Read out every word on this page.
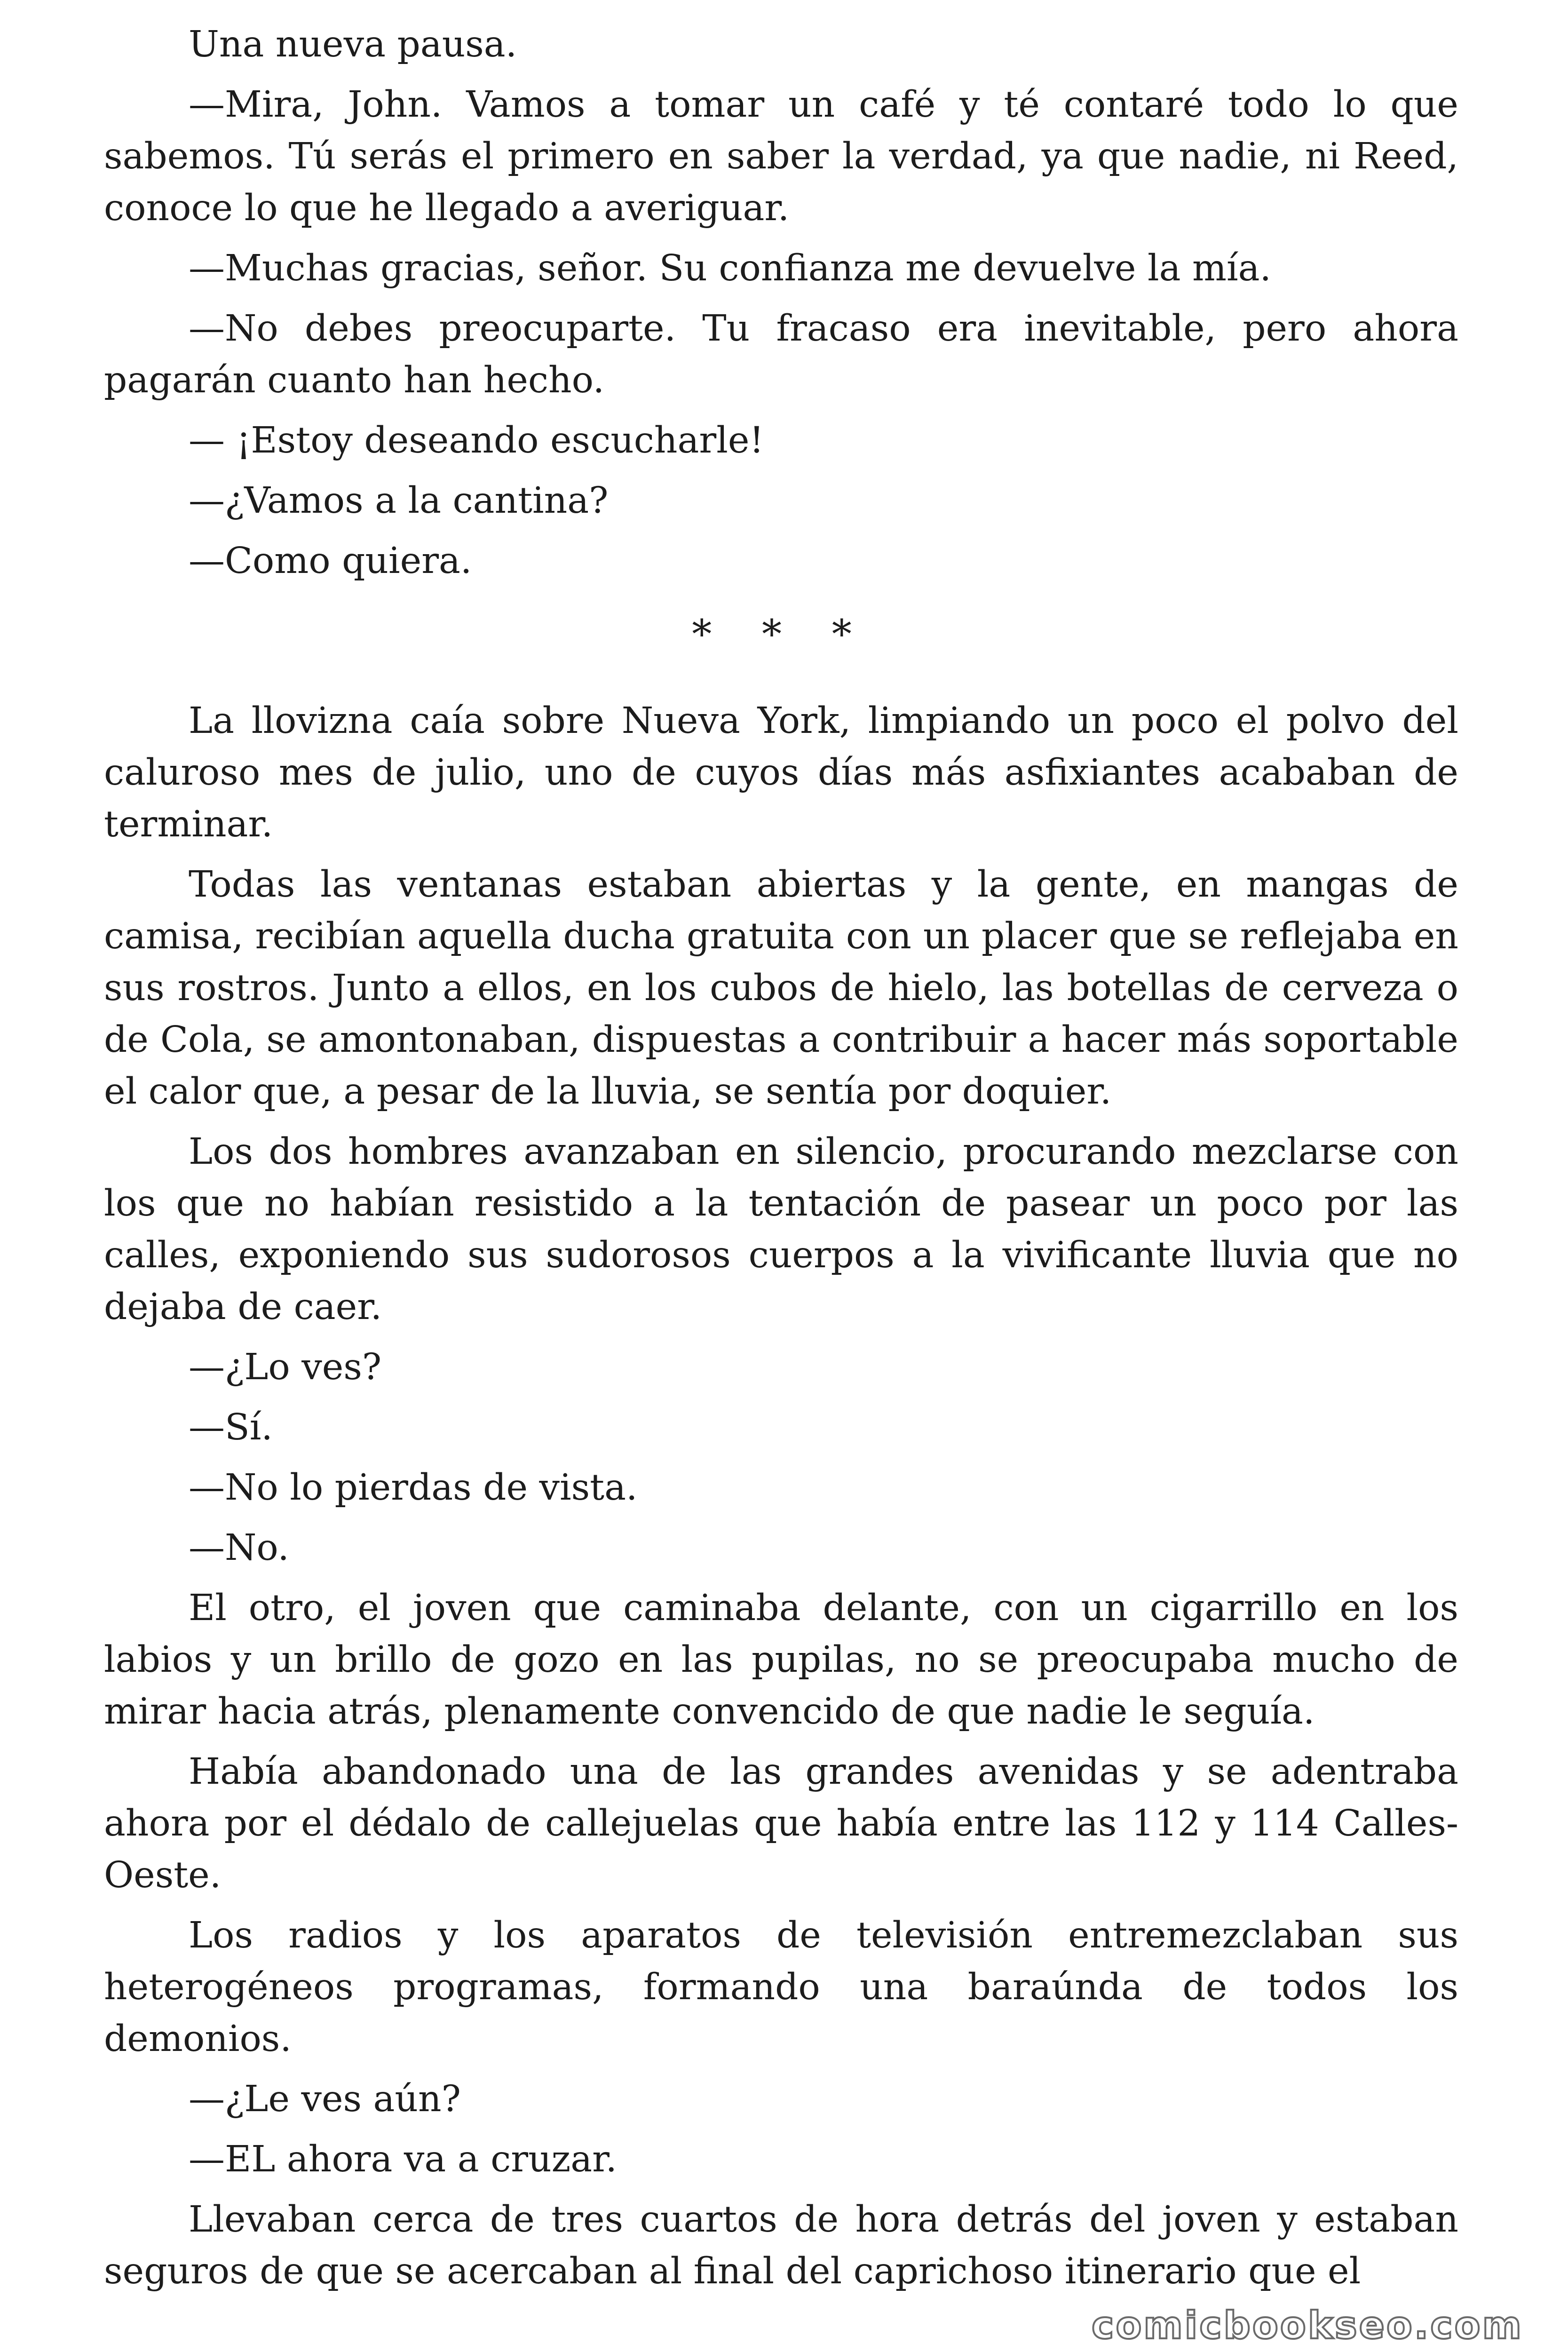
Una nueva pausa.

—Mira, John. Vamos a tomar un café y té contaré todo lo que sabemos. Tú serás el primero en saber la verdad, ya que nadie, ni Reed, conoce lo que he llegado a averiguar.

—Muchas gracias, señor. Su confianza me devuelve la mía.

—No debes preocuparte. Tu fracaso era inevitable, pero ahora pagarán cuanto han hecho.

— ¡Estoy deseando escucharle!

—¿Vamos a la cantina?

—Como quiera.

* * *

La llovizna caía sobre Nueva York, limpiando un poco el polvo del caluroso mes de julio, uno de cuyos días más asfixiantes acababan de terminar.

Todas las ventanas estaban abiertas y la gente, en mangas de camisa, recibían aquella ducha gratuita con un placer que se reflejaba en sus rostros. Junto a ellos, en los cubos de hielo, las botellas de cerveza o de Cola, se amontonaban, dispuestas a contribuir a hacer más soportable el calor que, a pesar de la lluvia, se sentía por doquier.

Los dos hombres avanzaban en silencio, procurando mezclarse con los que no habían resistido a la tentación de pasear un poco por las calles, exponiendo sus sudorosos cuerpos a la vivificante lluvia que no dejaba de caer.

—¿Lo ves?

—Sí.

—No lo pierdas de vista.

—No.

El otro, el joven que caminaba delante, con un cigarrillo en los labios y un brillo de gozo en las pupilas, no se preocupaba mucho de mirar hacia atrás, plenamente convencido de que nadie le seguía.

Había abandonado una de las grandes avenidas y se adentraba ahora por el dédalo de callejuelas que había entre las 112 y 114 Calles-Oeste.

Los radios y los aparatos de televisión entremezclaban sus heterogéneos programas, formando una baraúnda de todos los demonios.

—¿Le ves aún?

—EL ahora va a cruzar.

Llevaban cerca de tres cuartos de hora detrás del joven y estaban seguros de que se acercaban al final del caprichoso itinerario que el

comicbookseo.com
